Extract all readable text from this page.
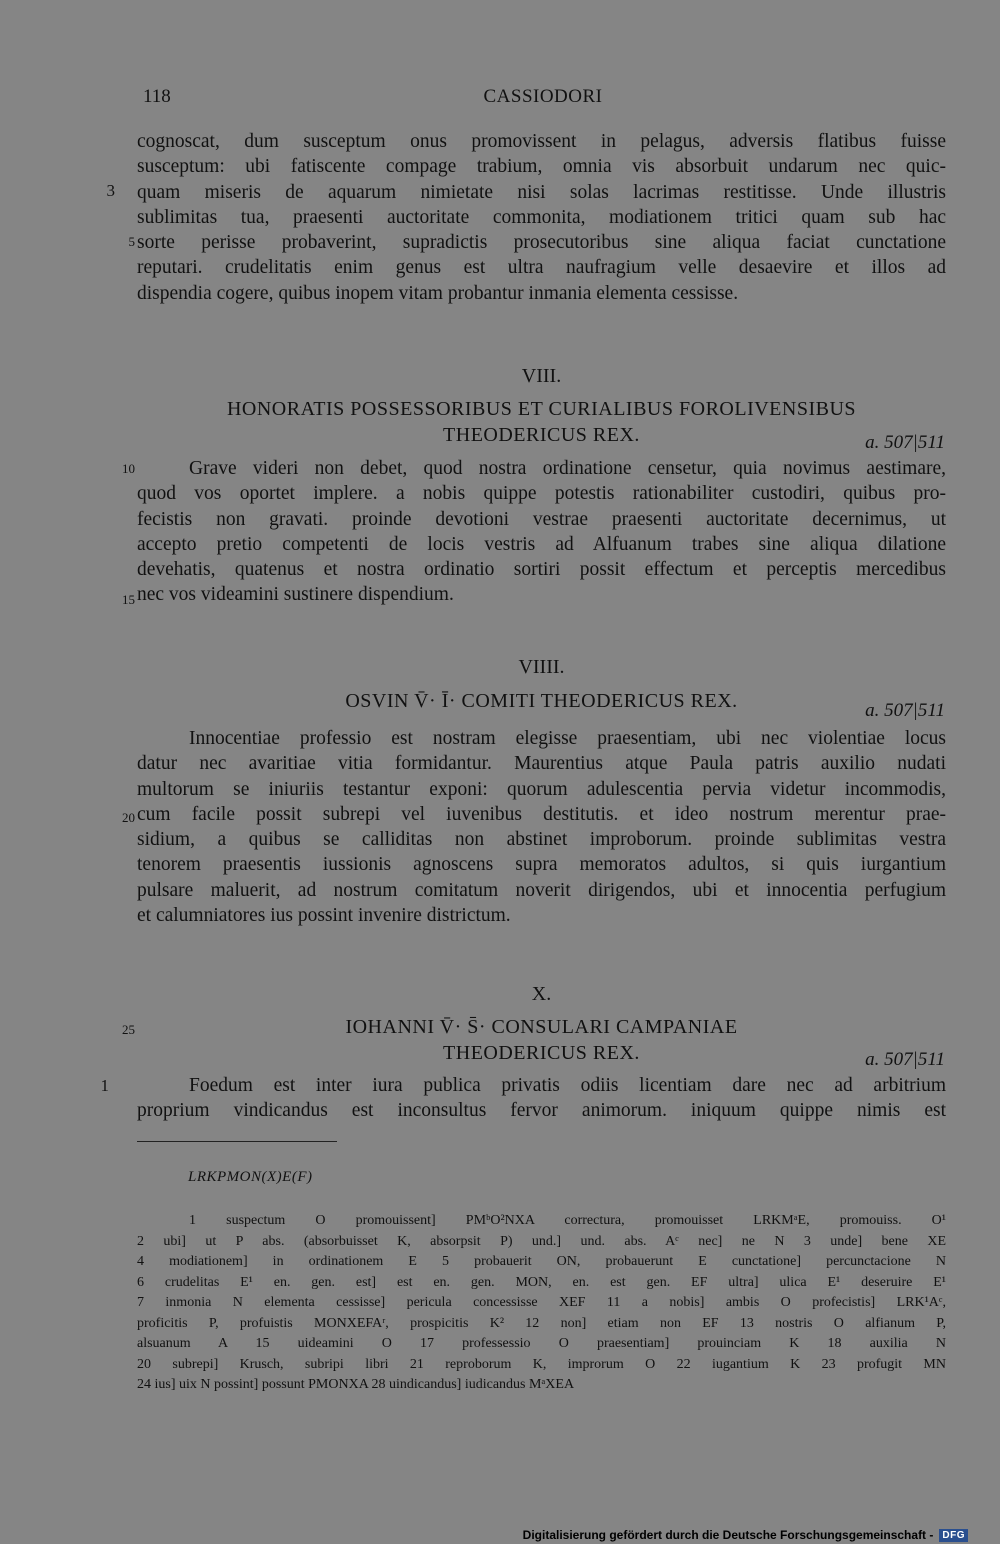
118	CASSIODORI
cognoscat, dum susceptum onus promovissent in pelagus, adversis flatibus fuisse
susceptum: ubi fatiscente compage trabium, omnia vis absorbuit undarum nec quic-
quam miseris de aquarum nimietate nisi solas lacrimas restitisse. Unde illustris
sublimitas tua, praesenti auctoritate commonita, modiationem tritici quam sub hac
sorte perisse probaverint, supradictis prosecutoribus sine aliqua faciat cunctatione
reputari. crudelitatis enim genus est ultra naufragium velle desaevire et illos ad
dispendia cogere, quibus inopem vitam probantur inmania elementa cessisse.
3
5
VIII.
HONORATIS POSSESSORIBUS ET CURIALIBUS FOROLIVENSIBUS
THEODERICUS REX.	a. 507|511
10	Grave videri non debet, quod nostra ordinatione censetur, quia novimus aestimare,
quod vos oportet implere. a nobis quippe potestis rationabiliter custodiri, quibus pro-
fecistis non gravati. proinde devotioni vestrae praesenti auctoritate decernimus, ut
accepto pretio competenti de locis vestris ad Alfuanum trabes sine aliqua dilatione
devehatis, quatenus et nostra ordinatio sortiri possit effectum et perceptis mercedibus
nec vos videamini sustinere dispendium.
15
VIIII.
OSVIN V̄· Ī· COMITI THEODERICUS REX.	a. 507|511
Innocentiae professio est nostram elegisse praesentiam, ubi nec violentiae locus
datur nec avaritiae vitia formidantur. Maurentius atque Paula patris auxilio nudati
multorum se iniuriis testantur exponi: quorum adulescentia pervia videtur incommodis,
cum facile possit subrepi vel iuvenibus destitutis. et ideo nostrum merentur prae-
sidium, a quibus se calliditas non abstinet improborum. proinde sublimitas vestra
tenorem praesentis iussionis agnoscens supra memoratos adultos, si quis iurgantium
pulsare maluerit, ad nostrum comitatum noverit dirigendos, ubi et innocentia perfugium
et calumniatores ius possint invenire districtum.
20
X.
IOHANNI V̄· S̄· CONSULARI CAMPANIAE
25
THEODERICUS REX.	a. 507|511
1	Foedum est inter iura publica privatis odiis licentiam dare nec ad arbitrium
proprium vindicandus est inconsultus fervor animorum. iniquum quippe nimis est
LRKPMON(X)E(F)
1 suspectum O promouissent] PMᵇO²NXA correctura, promouisset LRKMᵃE, promouiss. O¹
2 ubi] ut P abs. (absorbuisset K, absorpsit P) und.] und. abs. Aᶜ nec] ne N 3 unde] bene XE
4 modiationem] in ordinationem E 5 probauerit ON, probauerunt E cunctatione] percunctacione N
6 crudelitas E¹ en. gen. est] est en. gen. MON, en. est gen. EF ultra] ulica E¹ deseruire E¹
7 inmonia N elementa cessisse] pericula concessisse XEF 11 a nobis] ambis O profecistis] LRK¹Aᶜ,
proficitis P, profuistis MONXEFAʳ, prospicitis K² 12 non] etiam non EF 13 nostris O alfianum P,
alsuanum A 15 uideamini O 17 professessio O praesentiam] prouinciam K 18 auxilia N
20 subrepi] Krusch, subripi libri 21 reproborum K, improrum O 22 iugantium K 23 profugit MN
24 ius] uix N possint] possunt PMONXA 28 uindicandus] iudicandus MᵃXEA
Digitalisierung gefördert durch die Deutsche Forschungsgemeinschaft - DFG
